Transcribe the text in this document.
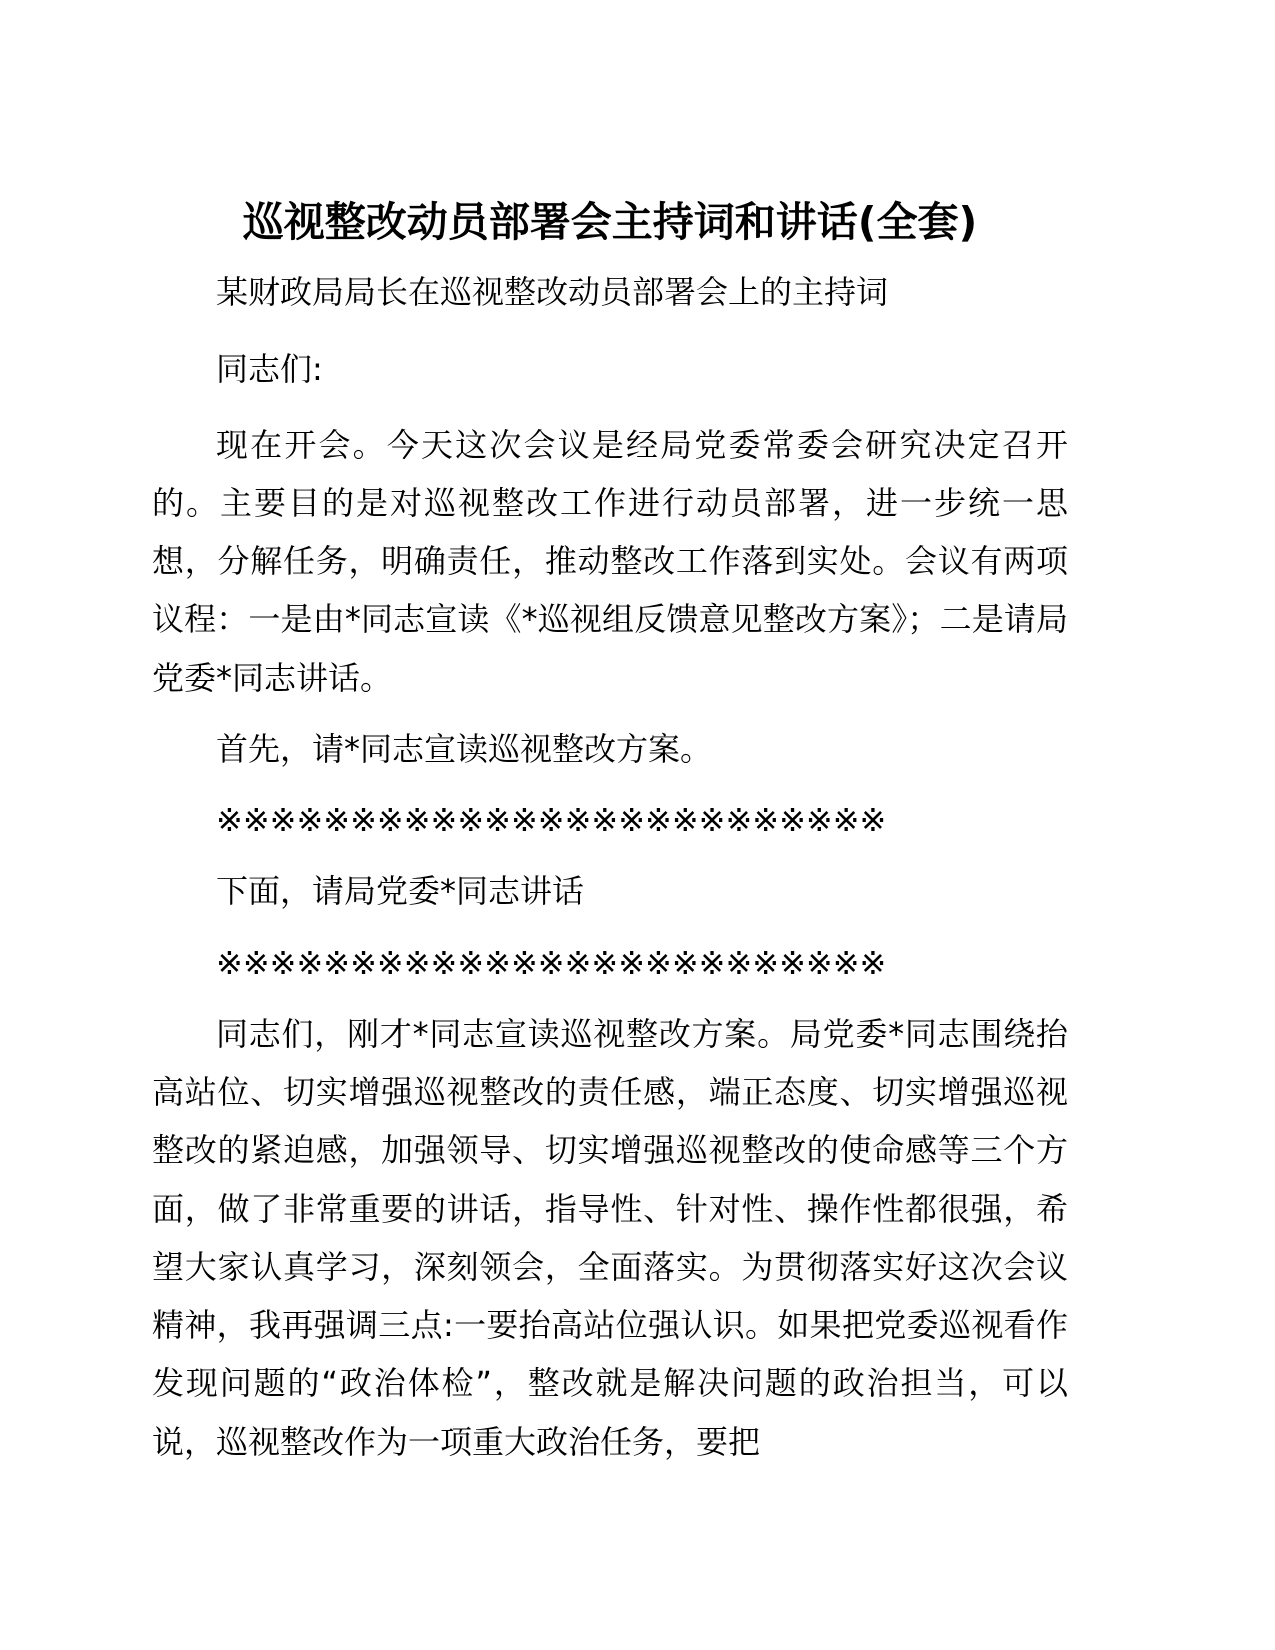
巡视整改动员部署会主持词和讲话(全套)

某财政局局长在巡视整改动员部署会上的主持词

同志们:

现在开会。今天这次会议是经局党委常委会研究决定召开的。主要目的是对巡视整改工作进行动员部署，进一步统一思想，分解任务，明确责任，推动整改工作落到实处。会议有两项议程：一是由*同志宣读《*巡视组反馈意见整改方案》；二是请局党委*同志讲话。

首先，请*同志宣读巡视整改方案。

※※※※※※※※※※※※※※※※※※※※※※※※※

下面，请局党委*同志讲话

※※※※※※※※※※※※※※※※※※※※※※※※※

同志们，刚才*同志宣读巡视整改方案。局党委*同志围绕抬高站位、切实增强巡视整改的责任感，端正态度、切实增强巡视整改的紧迫感，加强领导、切实增强巡视整改的使命感等三个方面，做了非常重要的讲话，指导性、针对性、操作性都很强，希望大家认真学习，深刻领会，全面落实。为贯彻落实好这次会议精神，我再强调三点:一要抬高站位强认识。如果把党委巡视看作发现问题的“政治体检”，整改就是解决问题的政治担当，可以说，巡视整改作为一项重大政治任务，要把
